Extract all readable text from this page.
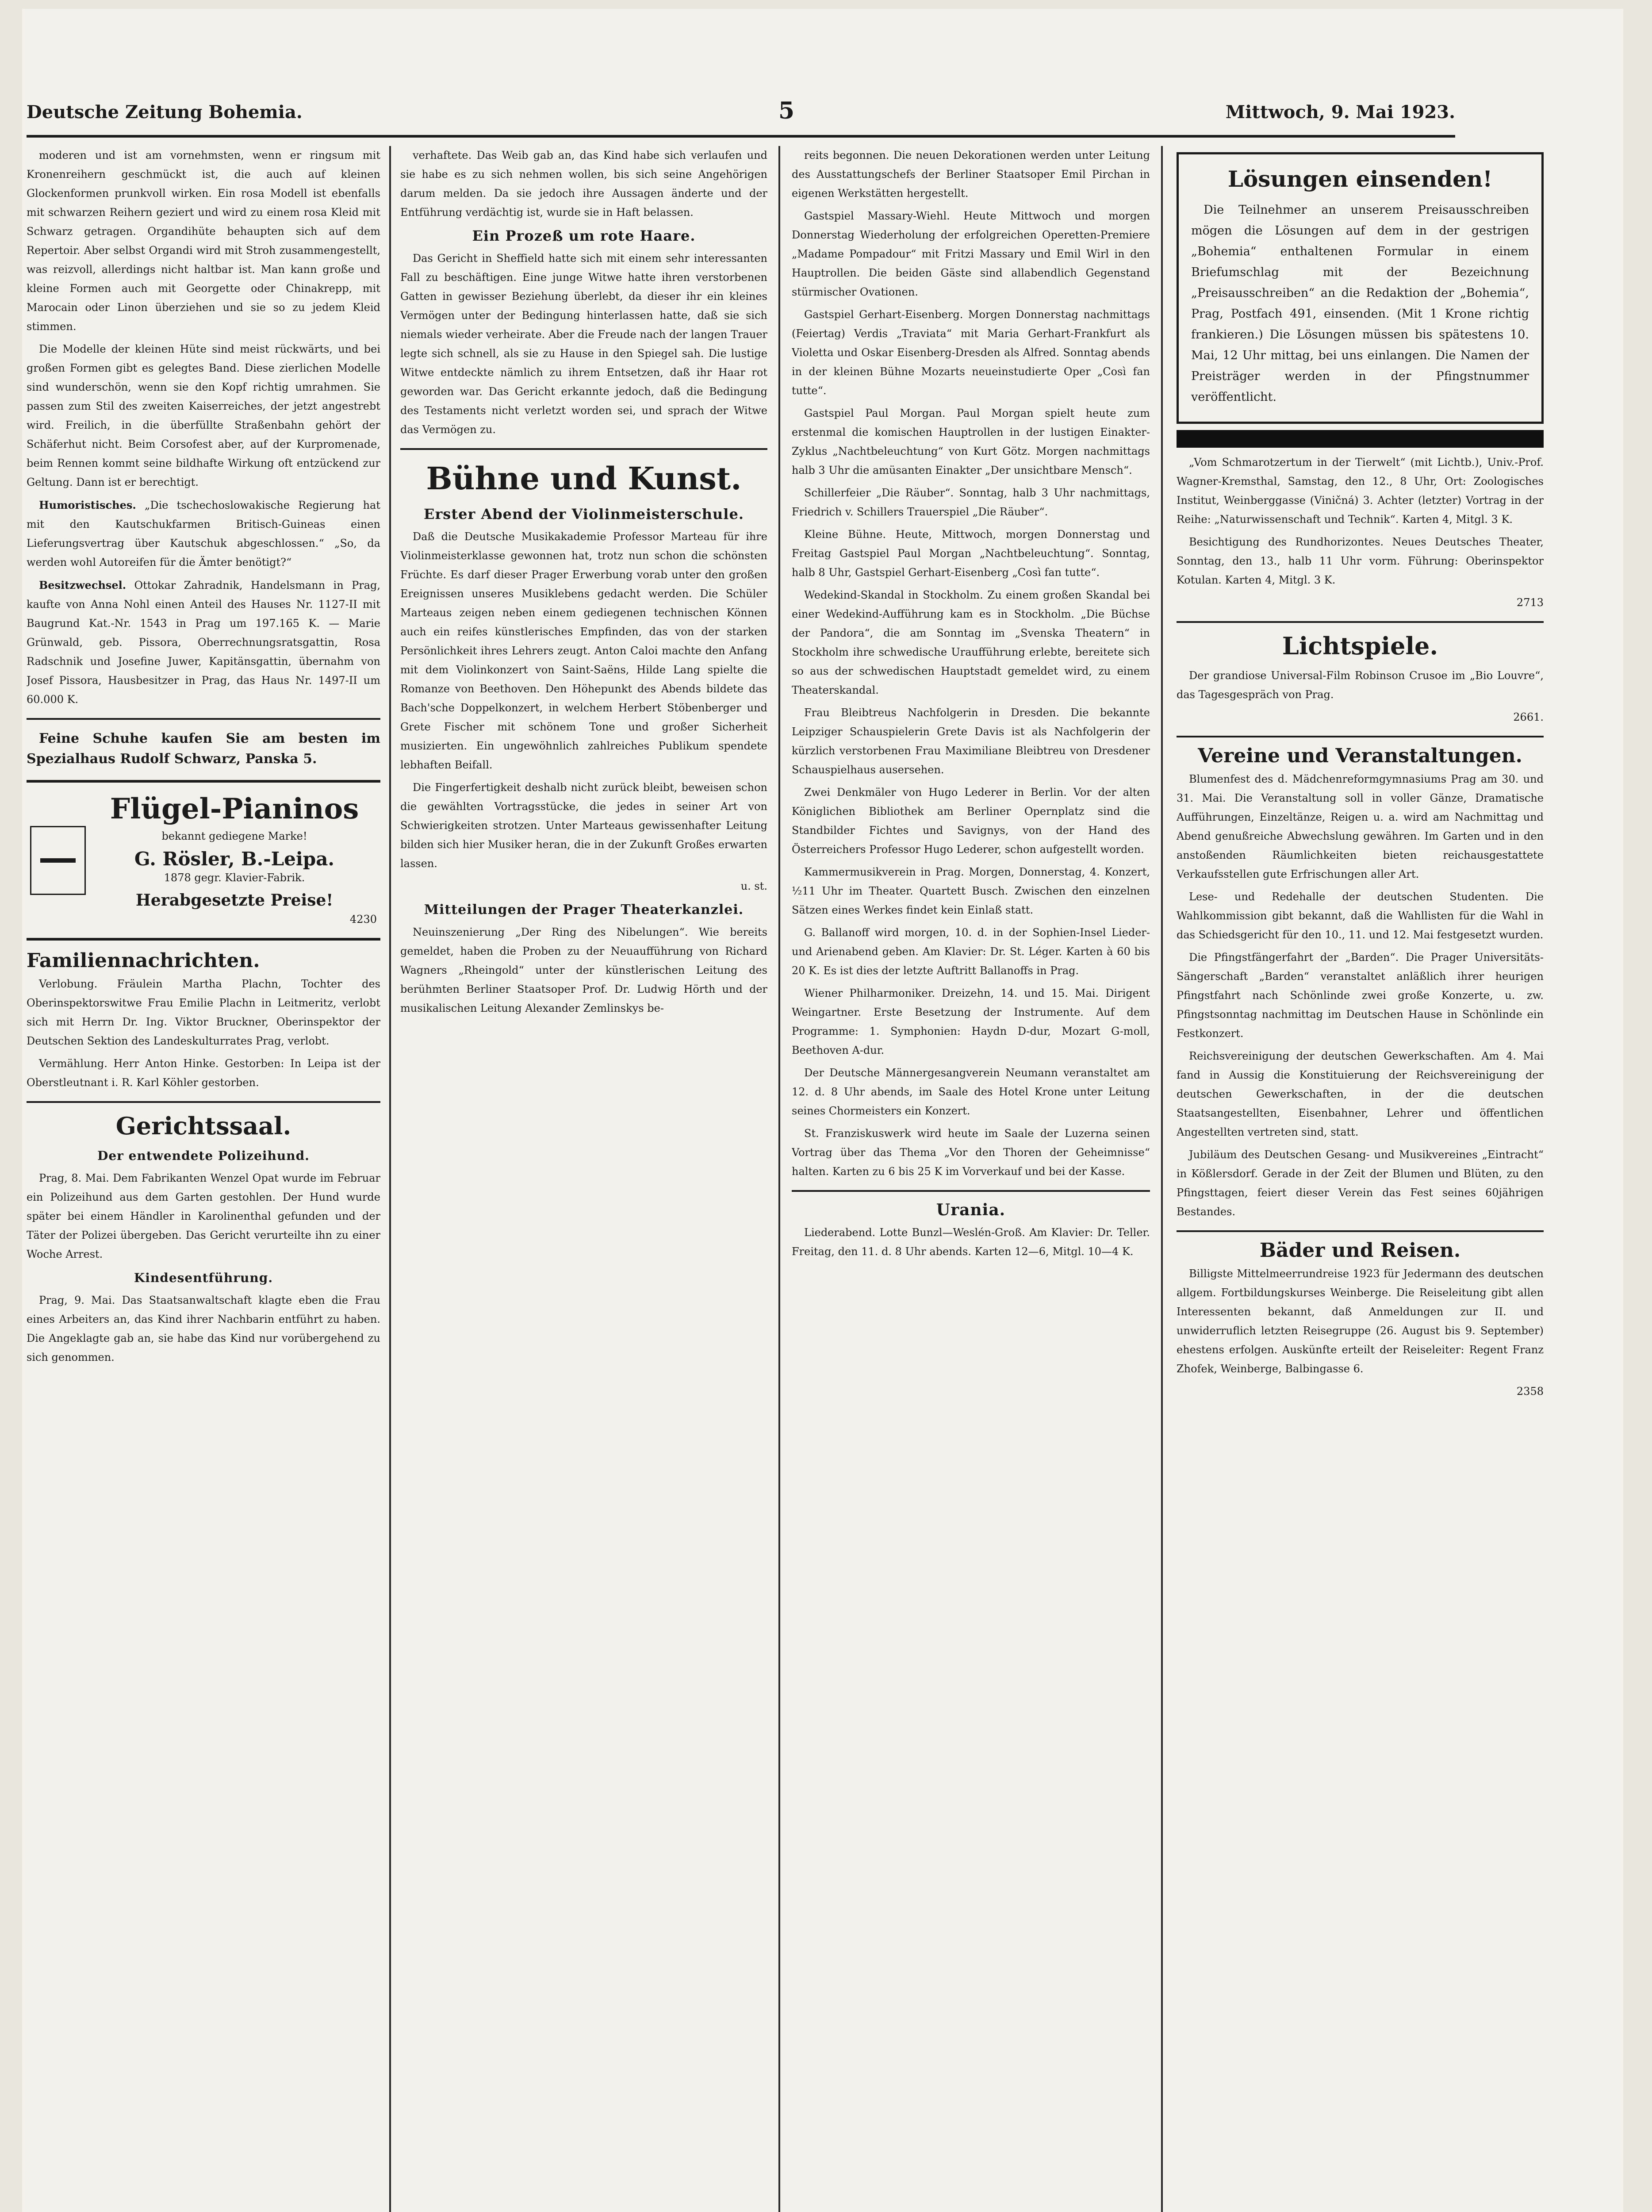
Deutsche Zeitung Bohemia.	5	Mittwoch, 9. Mai 1923.

moderen und ist am vornehmsten, wenn er ringsum mit Kronenreihern geschmückt ist, die auch auf kleinen Glockenformen prunkvoll wirken. Ein rosa Modell ist ebenfalls mit schwarzen Reihern geziert und wird zu einem rosa Kleid mit Schwarz getragen. Organdihüte behaupten sich auf dem Repertoir. Aber selbst Organdi wird mit Stroh zusammengestellt, was reizvoll, allerdings nicht haltbar ist. Man kann große und kleine Formen auch mit Georgette oder Chinakrepp, mit Marocain oder Linon überziehen und sie so zu jedem Kleid stimmen.

Die Modelle der kleinen Hüte sind meist rückwärts, und bei großen Formen gibt es gelegtes Band. Diese zierlichen Modelle sind wunderschön, wenn sie den Kopf richtig umrahmen. Sie passen zum Stil des zweiten Kaiserreiches, der jetzt angestrebt wird. Freilich, in die überfüllte Straßenbahn gehört der Schäferhut nicht. Beim Corsofest aber, auf der Kurpromenade, beim Rennen kommt seine bildhafte Wirkung oft entzückend zur Geltung. Dann ist er berechtigt.

Humoristisches. „Die tschechoslowakische Regierung hat mit den Kautschukfarmen Britisch-Guineas einen Lieferungsvertrag über Kautschuk abgeschlossen.“ „So, da werden wohl Autoreifen für die Ämter benötigt?“

Besitzwechsel. Ottokar Zahradnik, Handelsmann in Prag, kaufte von Anna Nohl einen Anteil des Hauses Nr. 1127-II mit Baugrund Kat.-Nr. 1543 in Prag um 197.165 K. — Marie Grünwald, geb. Pissora, Oberrechnungsratsgattin, Rosa Radschnik und Josefine Juwer, Kapitänsgattin, übernahm von Josef Pissora, Hausbesitzer in Prag, das Haus Nr. 1497-II um 60.000 K.

Feine Schuhe kaufen Sie am besten im Spezialhaus Rudolf Schwarz, Panska 5.

Flügel-Pianinos
bekannt gediegene Marke!
G. Rösler, B.-Leipa.
1878 gegr. Klavier-Fabrik.
Herabgesetzte Preise!
4230
Familiennachrichten.

Verlobung. Fräulein Martha Plachn, Tochter des Oberinspektorswitwe Frau Emilie Plachn in Leitmeritz, verlobt sich mit Herrn Dr. Ing. Viktor Bruckner, Oberinspektor der Deutschen Sektion des Landeskulturrates Prag, verlobt.

Vermählung. Herr Anton Hinke. Gestorben: In Leipa ist der Oberstleutnant i. R. Karl Köhler gestorben.

Gerichtssaal.
Der entwendete Polizeihund.

Prag, 8. Mai. Dem Fabrikanten Wenzel Opat wurde im Februar ein Polizeihund aus dem Garten gestohlen. Der Hund wurde später bei einem Händler in Karolinenthal gefunden und der Täter der Polizei übergeben. Das Gericht verurteilte ihn zu einer Woche Arrest.

Kindesentführung.

Prag, 9. Mai. Das Staatsanwaltschaft klagte eben die Frau eines Arbeiters an, das Kind ihrer Nachbarin entführt zu haben. Die Angeklagte gab an, sie habe das Kind nur vorübergehend zu sich genommen.

verhaftete. Das Weib gab an, das Kind habe sich verlaufen und sie habe es zu sich nehmen wollen, bis sich seine Angehörigen darum melden. Da sie jedoch ihre Aussagen änderte und der Entführung verdächtig ist, wurde sie in Haft belassen.

Ein Prozeß um rote Haare.

Das Gericht in Sheffield hatte sich mit einem sehr interessanten Fall zu beschäftigen. Eine junge Witwe hatte ihren verstorbenen Gatten in gewisser Beziehung überlebt, da dieser ihr ein kleines Vermögen unter der Bedingung hinterlassen hatte, daß sie sich niemals wieder verheirate. Aber die Freude nach der langen Trauer legte sich schnell, als sie zu Hause in den Spiegel sah. Die lustige Witwe entdeckte nämlich zu ihrem Entsetzen, daß ihr Haar rot geworden war. Das Gericht erkannte jedoch, daß die Bedingung des Testaments nicht verletzt worden sei, und sprach der Witwe das Vermögen zu.

Bühne und Kunst.
Erster Abend der Violinmeisterschule.

Daß die Deutsche Musikakademie Professor Marteau für ihre Violinmeisterklasse gewonnen hat, trotz nun schon die schönsten Früchte. Es darf dieser Prager Erwerbung vorab unter den großen Ereignissen unseres Musiklebens gedacht werden. Die Schüler Marteaus zeigen neben einem gediegenen technischen Können auch ein reifes künstlerisches Empfinden, das von der starken Persönlichkeit ihres Lehrers zeugt. Anton Caloi machte den Anfang mit dem Violinkonzert von Saint-Saëns, Hilde Lang spielte die Romanze von Beethoven. Den Höhepunkt des Abends bildete das Bach'sche Doppelkonzert, in welchem Herbert Stöbenberger und Grete Fischer mit schönem Tone und großer Sicherheit musizierten. Ein ungewöhnlich zahlreiches Publikum spendete lebhaften Beifall.

Die Fingerfertigkeit deshalb nicht zurück bleibt, beweisen schon die gewählten Vortragsstücke, die jedes in seiner Art von Schwierigkeiten strotzen. Unter Marteaus gewissenhafter Leitung bilden sich hier Musiker heran, die in der Zukunft Großes erwarten lassen.

u. st.

Mitteilungen der Prager Theaterkanzlei.

Neuinszenierung „Der Ring des Nibelungen“. Wie bereits gemeldet, haben die Proben zu der Neuaufführung von Richard Wagners „Rheingold“ unter der künstlerischen Leitung des berühmten Berliner Staatsoper Prof. Dr. Ludwig Hörth und der musikalischen Leitung Alexander Zemlinskys be-

reits begonnen. Die neuen Dekorationen werden unter Leitung des Ausstattungschefs der Berliner Staatsoper Emil Pirchan in eigenen Werkstätten hergestellt.

Gastspiel Massary-Wiehl. Heute Mittwoch und morgen Donnerstag Wiederholung der erfolgreichen Operetten-Premiere „Madame Pompadour“ mit Fritzi Massary und Emil Wirl in den Hauptrollen. Die beiden Gäste sind allabendlich Gegenstand stürmischer Ovationen.

Gastspiel Gerhart-Eisenberg. Morgen Donnerstag nachmittags (Feiertag) Verdis „Traviata“ mit Maria Gerhart-Frankfurt als Violetta und Oskar Eisenberg-Dresden als Alfred. Sonntag abends in der kleinen Bühne Mozarts neueinstudierte Oper „Così fan tutte“.

Gastspiel Paul Morgan. Paul Morgan spielt heute zum erstenmal die komischen Hauptrollen in der lustigen Einakter-Zyklus „Nachtbeleuchtung“ von Kurt Götz. Morgen nachmittags halb 3 Uhr die amüsanten Einakter „Der unsichtbare Mensch“.

Schillerfeier „Die Räuber“. Sonntag, halb 3 Uhr nachmittags, Friedrich v. Schillers Trauerspiel „Die Räuber“.

Kleine Bühne. Heute, Mittwoch, morgen Donnerstag und Freitag Gastspiel Paul Morgan „Nachtbeleuchtung“. Sonntag, halb 8 Uhr, Gastspiel Gerhart-Eisenberg „Così fan tutte“.

Wedekind-Skandal in Stockholm. Zu einem großen Skandal bei einer Wedekind-Aufführung kam es in Stockholm. „Die Büchse der Pandora“, die am Sonntag im „Svenska Theatern“ in Stockholm ihre schwedische Uraufführung erlebte, bereitete sich so aus der schwedischen Hauptstadt gemeldet wird, zu einem Theaterskandal.

Frau Bleibtreus Nachfolgerin in Dresden. Die bekannte Leipziger Schauspielerin Grete Davis ist als Nachfolgerin der kürzlich verstorbenen Frau Maximiliane Bleibtreu von Dresdener Schauspielhaus ausersehen.

Zwei Denkmäler von Hugo Lederer in Berlin. Vor der alten Königlichen Bibliothek am Berliner Opernplatz sind die Standbilder Fichtes und Savignys, von der Hand des Österreichers Professor Hugo Lederer, schon aufgestellt worden.

Kammermusikverein in Prag. Morgen, Donnerstag, 4. Konzert, ½11 Uhr im Theater. Quartett Busch. Zwischen den einzelnen Sätzen eines Werkes findet kein Einlaß statt.

G. Ballanoff wird morgen, 10. d. in der Sophien-Insel Lieder- und Arienabend geben. Am Klavier: Dr. St. Léger. Karten à 60 bis 20 K. Es ist dies der letzte Auftritt Ballanoffs in Prag.

Wiener Philharmoniker. Dreizehn, 14. und 15. Mai. Dirigent Weingartner. Erste Besetzung der Instrumente. Auf dem Programme: 1. Symphonien: Haydn D-dur, Mozart G-moll, Beethoven A-dur.

Der Deutsche Männergesangverein Neumann veranstaltet am 12. d. 8 Uhr abends, im Saale des Hotel Krone unter Leitung seines Chormeisters ein Konzert.

St. Franziskuswerk wird heute im Saale der Luzerna seinen Vortrag über das Thema „Vor den Thoren der Geheimnisse“ halten. Karten zu 6 bis 25 K im Vorverkauf und bei der Kasse.

Urania.

Liederabend. Lotte Bunzl—Weslén-Groß. Am Klavier: Dr. Teller. Freitag, den 11. d. 8 Uhr abends. Karten 12—6, Mitgl. 10—4 K.

Lösungen einsenden!

Die Teilnehmer an unserem Preisausschreiben mögen die Lösungen auf dem in der gestrigen „Bohemia“ enthaltenen Formular in einem Briefumschlag mit der Bezeichnung „Preisausschreiben“ an die Redaktion der „Bohemia“, Prag, Postfach 491, einsenden. (Mit 1 Krone richtig frankieren.) Die Lösungen müssen bis spätestens 10. Mai, 12 Uhr mittag, bei uns einlangen. Die Namen der Preisträger werden in der Pfingstnummer veröffentlicht.

„Vom Schmarotzertum in der Tierwelt“ (mit Lichtb.), Univ.-Prof. Wagner-Kremsthal, Samstag, den 12., 8 Uhr, Ort: Zoologisches Institut, Weinberggasse (Viničná) 3. Achter (letzter) Vortrag in der Reihe: „Naturwissenschaft und Technik“. Karten 4, Mitgl. 3 K.

Besichtigung des Rundhorizontes. Neues Deutsches Theater, Sonntag, den 13., halb 11 Uhr vorm. Führung: Oberinspektor Kotulan. Karten 4, Mitgl. 3 K.

2713

Lichtspiele.

Der grandiose Universal-Film Robinson Crusoe im „Bio Louvre“, das Tagesgespräch von Prag.

2661.

Vereine und Veranstaltungen.

Blumenfest des d. Mädchenreformgymnasiums Prag am 30. und 31. Mai. Die Veranstaltung soll in voller Gänze, Dramatische Aufführungen, Einzeltänze, Reigen u. a. wird am Nachmittag und Abend genußreiche Abwechslung gewähren. Im Garten und in den anstoßenden Räumlichkeiten bieten reichausgestattete Verkaufsstellen gute Erfrischungen aller Art.

Lese- und Redehalle der deutschen Studenten. Die Wahlkommission gibt bekannt, daß die Wahllisten für die Wahl in das Schiedsgericht für den 10., 11. und 12. Mai festgesetzt wurden.

Die Pfingstfängerfahrt der „Barden“. Die Prager Universitäts-Sängerschaft „Barden“ veranstaltet anläßlich ihrer heurigen Pfingstfahrt nach Schönlinde zwei große Konzerte, u. zw. Pfingstsonntag nachmittag im Deutschen Hause in Schönlinde ein Festkonzert.

Reichsvereinigung der deutschen Gewerkschaften. Am 4. Mai fand in Aussig die Konstituierung der Reichsvereinigung der deutschen Gewerkschaften, in der die deutschen Staatsangestellten, Eisenbahner, Lehrer und öffentlichen Angestellten vertreten sind, statt.

Jubiläum des Deutschen Gesang- und Musikvereines „Eintracht“ in Kößlersdorf. Gerade in der Zeit der Blumen und Blüten, zu den Pfingsttagen, feiert dieser Verein das Fest seines 60jährigen Bestandes.

Bäder und Reisen.

Billigste Mittelmeerrundreise 1923 für Jedermann des deutschen allgem. Fortbildungskurses Weinberge. Die Reiseleitung gibt allen Interessenten bekannt, daß Anmeldungen zur II. und unwiderruflich letzten Reisegruppe (26. August bis 9. September) ehestens erfolgen. Auskünfte erteilt der Reiseleiter: Regent Franz Zhofek, Weinberge, Balbingasse 6.

2358
